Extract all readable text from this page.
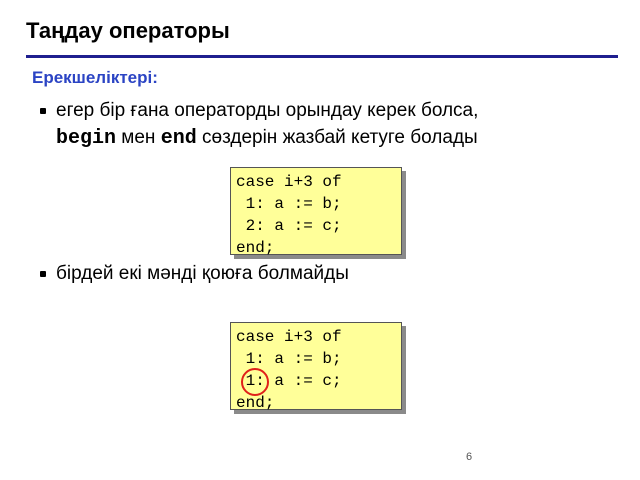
Таңдау операторы
Ерекшеліктері:
егер бір ғана операторды орындау керек болса,
begin мен end сөздерін жазбай кетуге болады
бірдей екі мәнді қоюға болмайды
case i+3 of
1: a := b;
2: a := c;
end;
case i+3 of
1: a := b;
1: a := c;
end;
6
